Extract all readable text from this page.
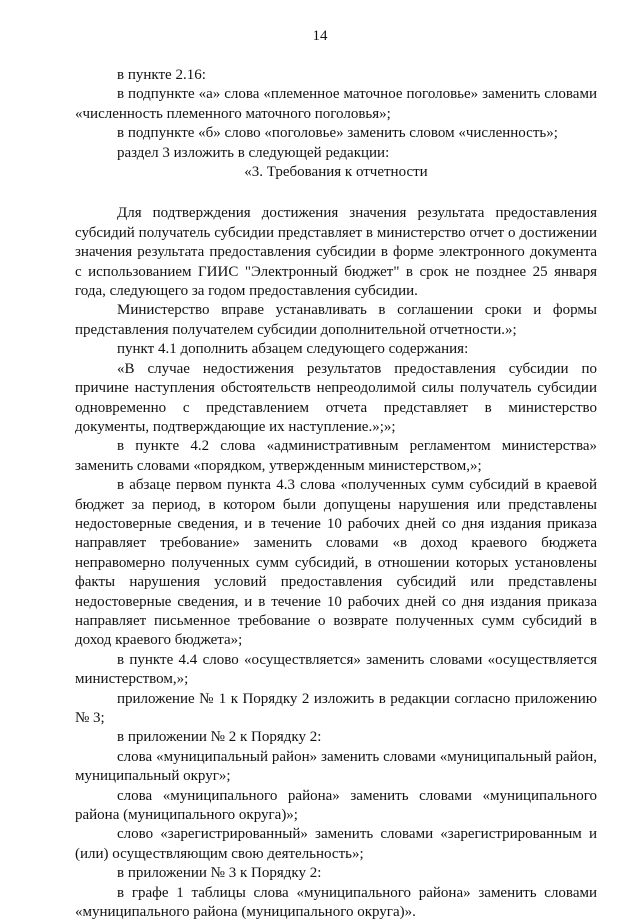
14

в пункте 2.16:

в подпункте «а» слова «племенное маточное поголовье» заменить словами «численность племенного маточного поголовья»;

в подпункте «б» слово «поголовье» заменить словом «численность»;

раздел 3 изложить в следующей редакции:

«3. Требования к отчетности

Для подтверждения достижения значения результата предоставления субсидий получатель субсидии представляет в министерство отчет о достижении значения результата предоставления субсидии в форме электронного документа с использованием ГИИС "Электронный бюджет" в срок не позднее 25 января года, следующего за годом предоставления субсидии.

Министерство вправе устанавливать в соглашении сроки и формы представления получателем субсидии дополнительной отчетности.»;

пункт 4.1 дополнить абзацем следующего содержания:

«В случае недостижения результатов предоставления субсидии по причине наступления обстоятельств непреодолимой силы получатель субсидии одновременно с представлением отчета представляет в министерство документы, подтверждающие их наступление.»;»;

в пункте 4.2 слова «административным регламентом министерства» заменить словами «порядком, утвержденным министерством,»;

в абзаце первом пункта 4.3 слова «полученных сумм субсидий в краевой бюджет за период, в котором были допущены нарушения или представлены недостоверные сведения, и в течение 10 рабочих дней со дня издания приказа направляет требование» заменить словами «в доход краевого бюджета неправомерно полученных сумм субсидий, в отношении которых установлены факты нарушения условий предоставления субсидий или представлены недостоверные сведения, и в течение 10 рабочих дней со дня издания приказа направляет письменное требование о возврате полученных сумм субсидий в доход краевого бюджета»;

в пункте 4.4 слово «осуществляется» заменить словами «осуществляется министерством,»;

приложение № 1 к Порядку 2 изложить в редакции согласно приложению № 3;

в приложении № 2 к Порядку 2:

слова «муниципальный район» заменить словами «муниципальный район, муниципальный округ»;

слова «муниципального района» заменить словами «муниципального района (муниципального округа)»;

слово «зарегистрированный» заменить словами «зарегистрированным и (или) осуществляющим свою деятельность»;

в приложении № 3 к Порядку 2:

в графе 1 таблицы слова «муниципального района» заменить словами «муниципального района (муниципального округа)».
